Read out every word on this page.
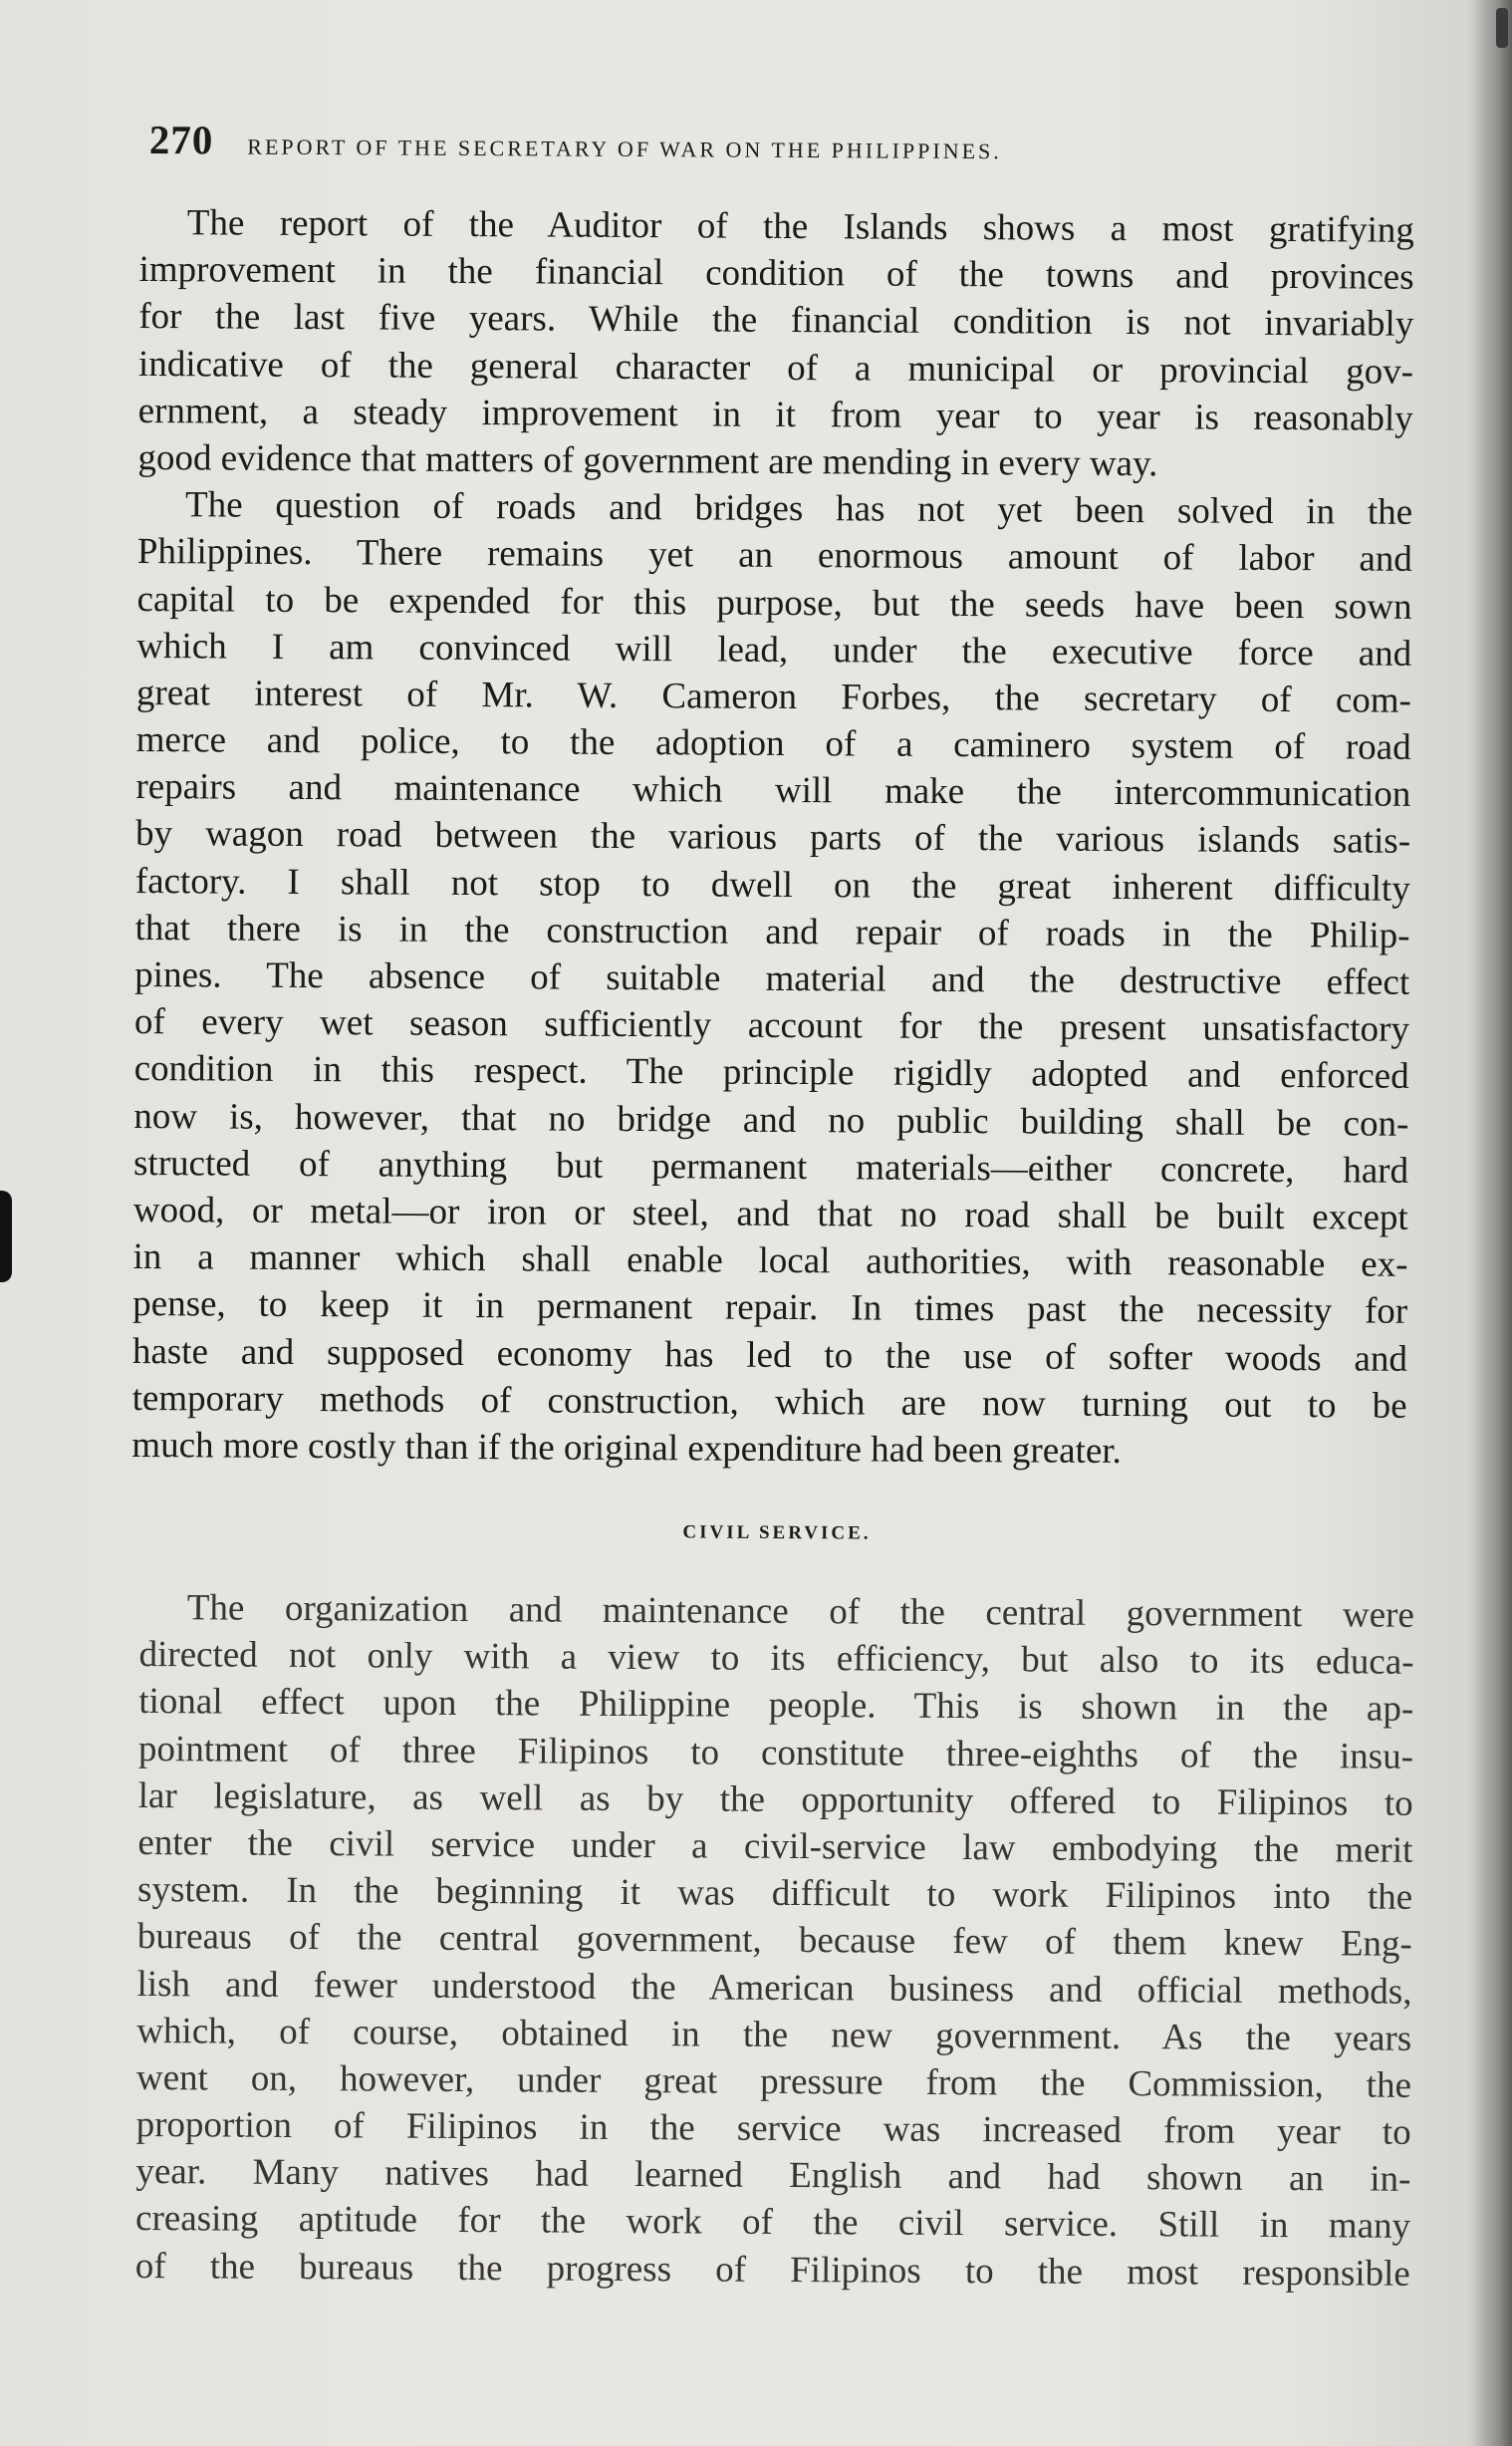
270 REPORT OF THE SECRETARY OF WAR ON THE PHILIPPINES.
The report of the Auditor of the Islands shows a most gratifying
improvement in the financial condition of the towns and provinces
for the last five years. While the financial condition is not invariably
indicative of the general character of a municipal or provincial gov-
ernment, a steady improvement in it from year to year is reasonably
good evidence that matters of government are mending in every way.
The question of roads and bridges has not yet been solved in the
Philippines. There remains yet an enormous amount of labor and
capital to be expended for this purpose, but the seeds have been sown
which I am convinced will lead, under the executive force and
great interest of Mr. W. Cameron Forbes, the secretary of com-
merce and police, to the adoption of a caminero system of road
repairs and maintenance which will make the intercommunication
by wagon road between the various parts of the various islands satis-
factory. I shall not stop to dwell on the great inherent difficulty
that there is in the construction and repair of roads in the Philip-
pines. The absence of suitable material and the destructive effect
of every wet season sufficiently account for the present unsatisfactory
condition in this respect. The principle rigidly adopted and enforced
now is, however, that no bridge and no public building shall be con-
structed of anything but permanent materials—either concrete, hard
wood, or metal—or iron or steel, and that no road shall be built except
in a manner which shall enable local authorities, with reasonable ex-
pense, to keep it in permanent repair. In times past the necessity for
haste and supposed economy has led to the use of softer woods and
temporary methods of construction, which are now turning out to be
much more costly than if the original expenditure had been greater.
CIVIL SERVICE.
The organization and maintenance of the central government were
directed not only with a view to its efficiency, but also to its educa-
tional effect upon the Philippine people. This is shown in the ap-
pointment of three Filipinos to constitute three-eighths of the insu-
lar legislature, as well as by the opportunity offered to Filipinos to
enter the civil service under a civil-service law embodying the merit
system. In the beginning it was difficult to work Filipinos into the
bureaus of the central government, because few of them knew Eng-
lish and fewer understood the American business and official methods,
which, of course, obtained in the new government. As the years
went on, however, under great pressure from the Commission, the
proportion of Filipinos in the service was increased from year to
year. Many natives had learned English and had shown an in-
creasing aptitude for the work of the civil service. Still in many
of the bureaus the progress of Filipinos to the most responsible
